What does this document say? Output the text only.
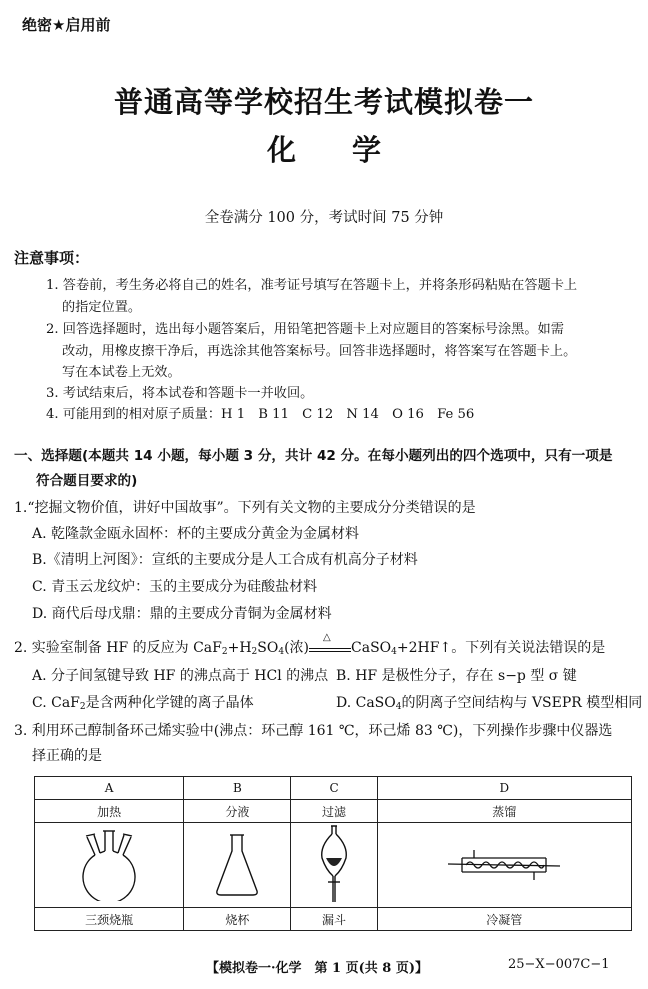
绝密★启用前
普通高等学校招生考试模拟卷一
化学
全卷满分 100 分，考试时间 75 分钟
注意事项：
1. 答卷前，考生务必将自己的姓名，准考证号填写在答题卡上，并将条形码粘贴在答题卡上
的指定位置。
2. 回答选择题时，选出每小题答案后，用铅笔把答题卡上对应题目的答案标号涂黑。如需
改动，用橡皮擦干净后，再选涂其他答案标号。回答非选择题时，将答案写在答题卡上。
写在本试卷上无效。
3. 考试结束后，将本试卷和答题卡一并收回。
4. 可能用到的相对原子质量：H 1　B 11　C 12　N 14　O 16　Fe 56
一、选择题(本题共 14 小题，每小题 3 分，共计 42 分。在每小题列出的四个选项中，只有一项是
符合题目要求的)
1.“挖掘文物价值，讲好中国故事”。下列有关文物的主要成分分类错误的是
A. 乾隆款金瓯永固杯：杯的主要成分黄金为金属材料
B.《清明上河图》：宣纸的主要成分是人工合成有机高分子材料
C. 青玉云龙纹炉：玉的主要成分为硅酸盐材料
D. 商代后母戊鼎：鼎的主要成分青铜为金属材料
2. 实验室制备 HF 的反应为 $CaF_2+H_2SO_4$(浓)
△
CaSO$_4$+2HF↑。下列有关说法错误的是
A. 分子间氢键导致 HF 的沸点高于 HCl 的沸点 B. HF 是极性分子，存在 s−p 型 σ 键
C. CaF$_2$是含两种化学键的离子晶体	D. CaSO$_4$的阴离子空间结构与 VSEPR 模型相同
3. 利用环己醇制备环己烯实验中(沸点：环己醇 161 ℃，环己烯 83 ℃)，下列操作步骤中仪器选
择正确的是
A	B	C	D
加热	分液	过滤	蒸馏

三颈烧瓶	烧杯	漏斗	冷凝管
【模拟卷一·化学　第 1 页(共 8 页)】	25−X−007C−1
